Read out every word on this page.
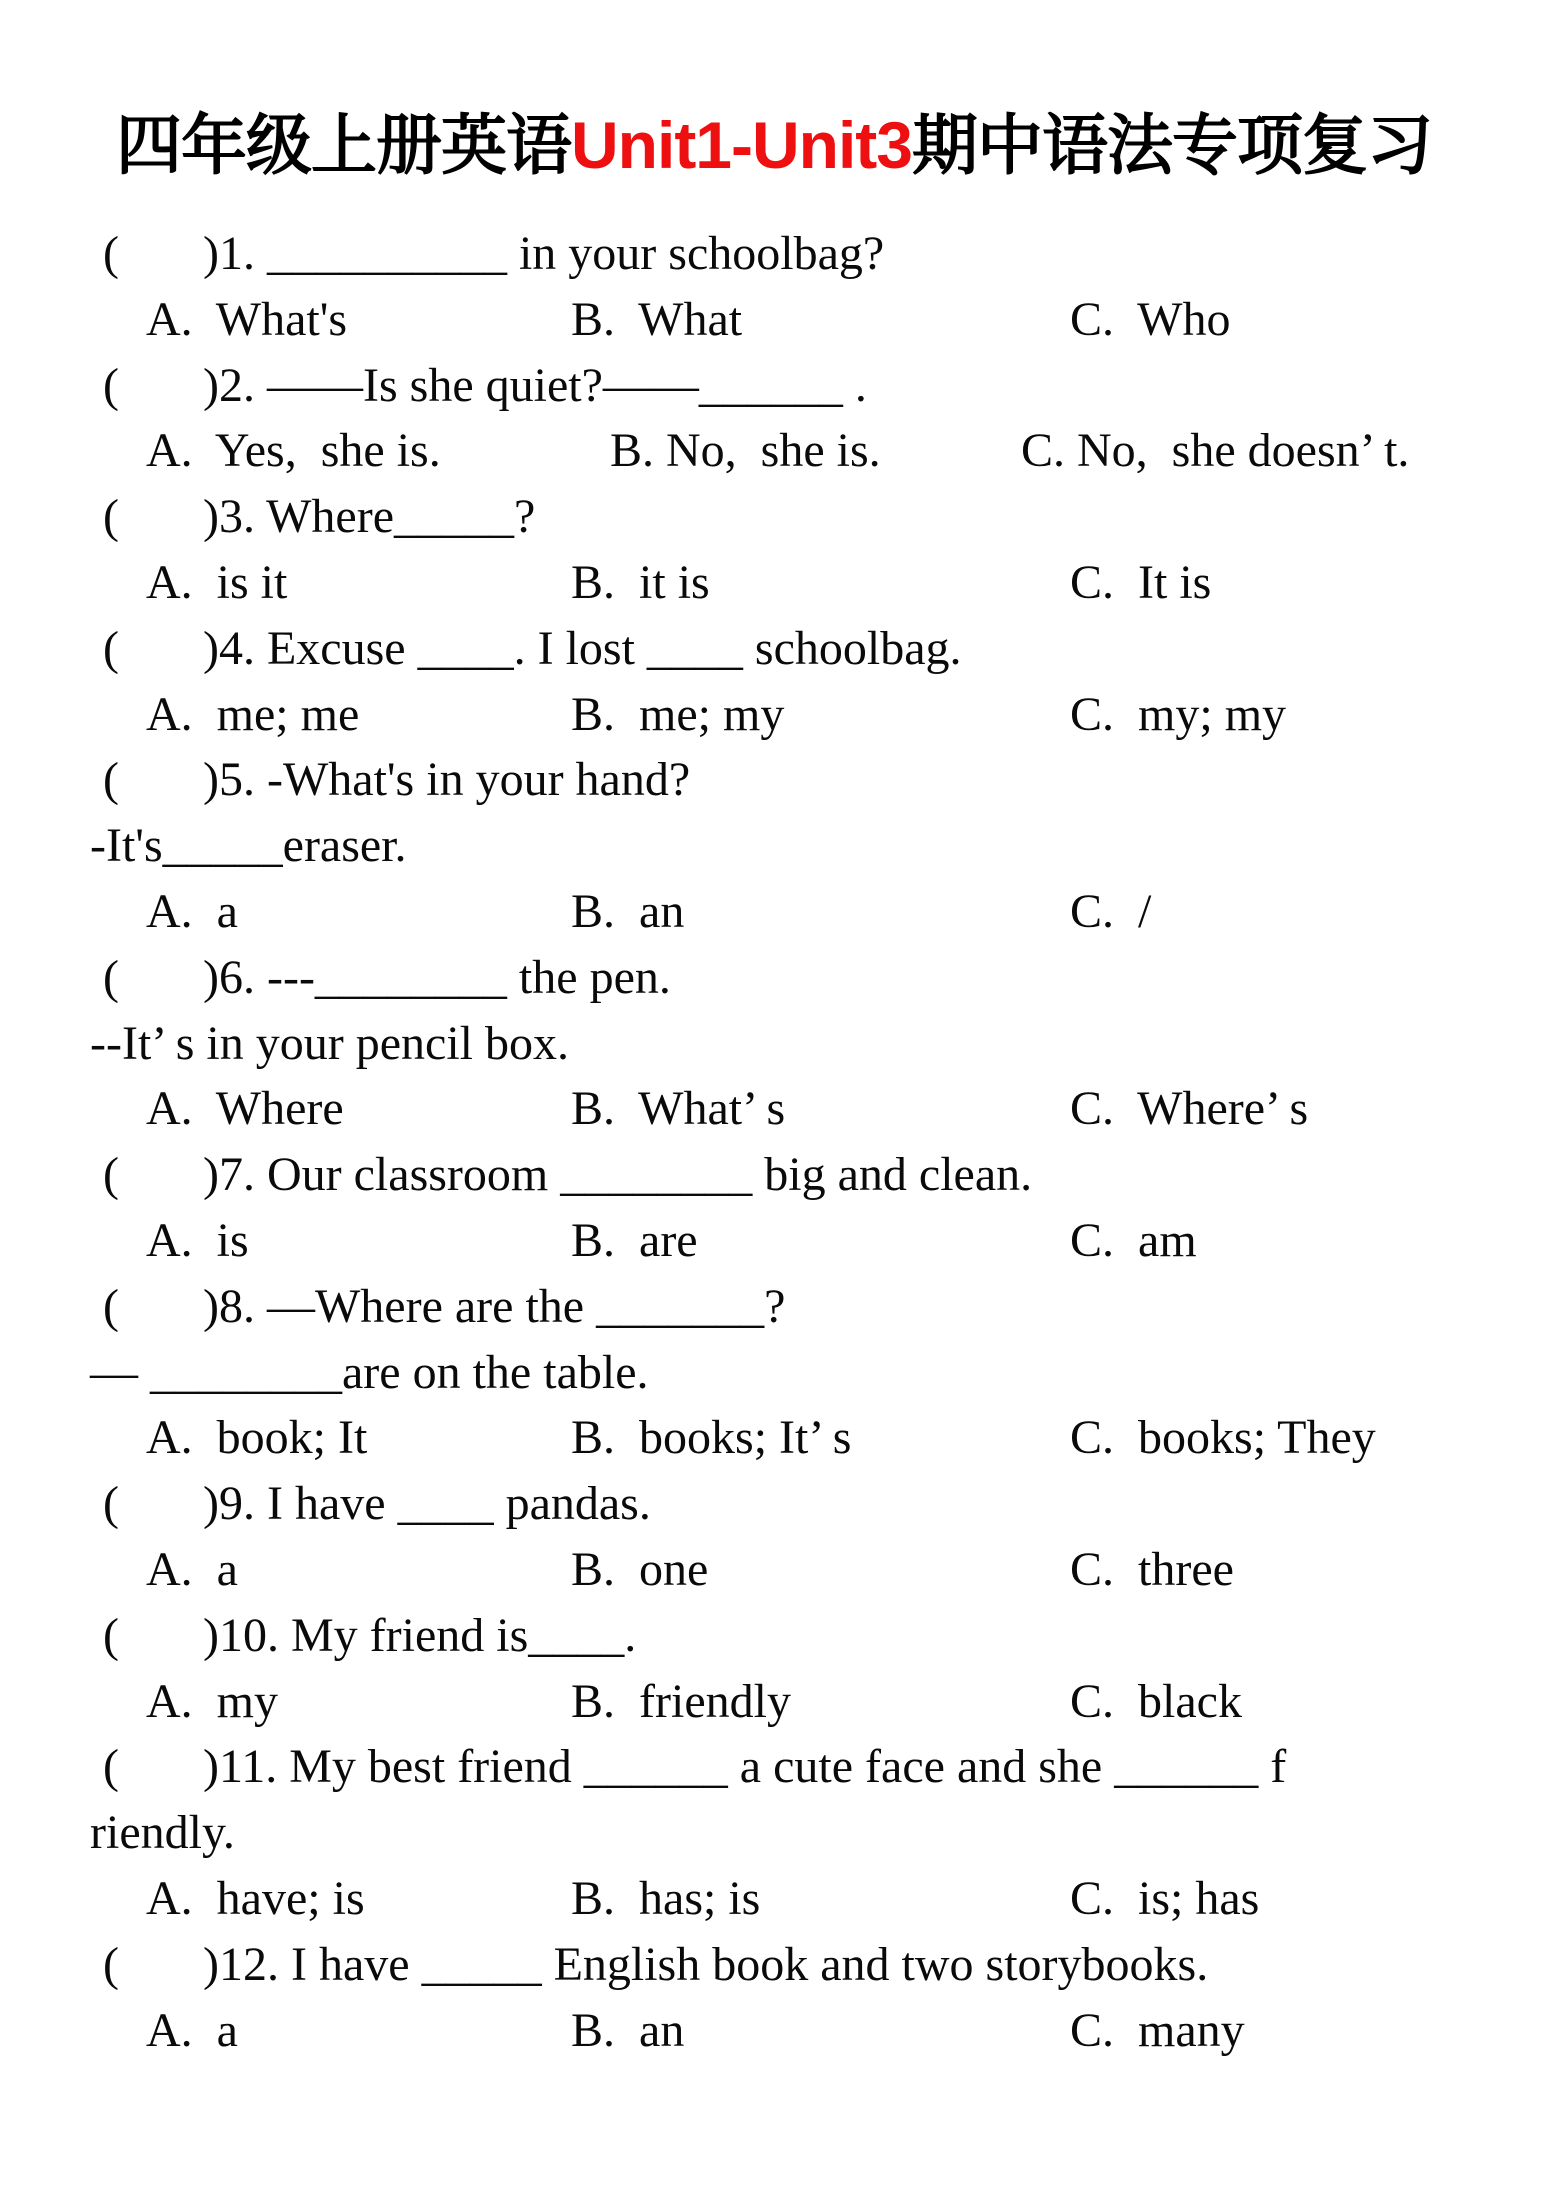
四年级上册英语Unit1-Unit3期中语法专项复习
(       )1. __________ in your schoolbag?
A.  What's	B.  What	C.  Who
(       )2. ——Is she quiet?——______ .
A.  Yes,  she is.	B. No,  she is.	C. No,  she doesn’ t.
(       )3. Where_____?
A.  is it	B.  it is	C.  It is
(       )4. Excuse ____. I lost ____ schoolbag.
A.  me; me	B.  me; my	C.  my; my
(       )5. -What's in your hand?
-It's_____eraser.
A.  a	B.  an	C.  /
(       )6. ---________ the pen.
--It’ s in your pencil box.
A.  Where	B.  What’ s	C.  Where’ s
(       )7. Our classroom ________ big and clean.
A.  is	B.  are	C.  am
(       )8. —Where are the _______?
— ________are on the table.
A.  book; It	B.  books; It’ s	C.  books; They
(       )9. I have ____ pandas.
A.  a	B.  one	C.  three
(       )10. My friend is____.
A.  my	B.  friendly	C.  black
(       )11. My best friend ______ a cute face and she ______ f
riendly.
A.  have; is	B.  has; is	C.  is; has
(       )12. I have _____ English book and two storybooks.
A.  a	B.  an	C.  many
